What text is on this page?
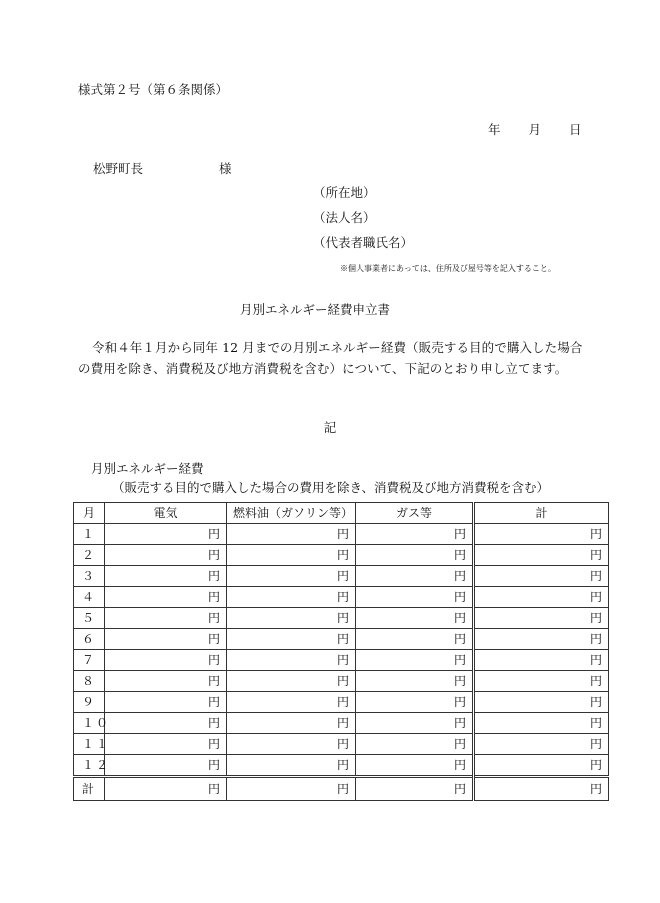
様式第２号（第６条関係）
年 月 日
松野町長	様
（所在地）
（法人名）
（代表者職氏名）
※個人事業者にあっては、住所及び屋号等を記入すること。
月別エネルギー経費申立書
令和４年１月から同年 12 月までの月別エネルギー経費（販売する目的で購入した場合の費用を除き、消費税及び地方消費税を含む）について、下記のとおり申し立てます。
記
月別エネルギー経費
（販売する目的で購入した場合の費用を除き、消費税及び地方消費税を含む）
月	電気	燃料油（ガソリン等）	ガス等	計
１	円	円	円	円
２	円	円	円	円
３	円	円	円	円
４	円	円	円	円
５	円	円	円	円
６	円	円	円	円
７	円	円	円	円
８	円	円	円	円
９	円	円	円	円
１０	円	円	円	円
１１	円	円	円	円
１２	円	円	円	円
計	円	円	円	円
